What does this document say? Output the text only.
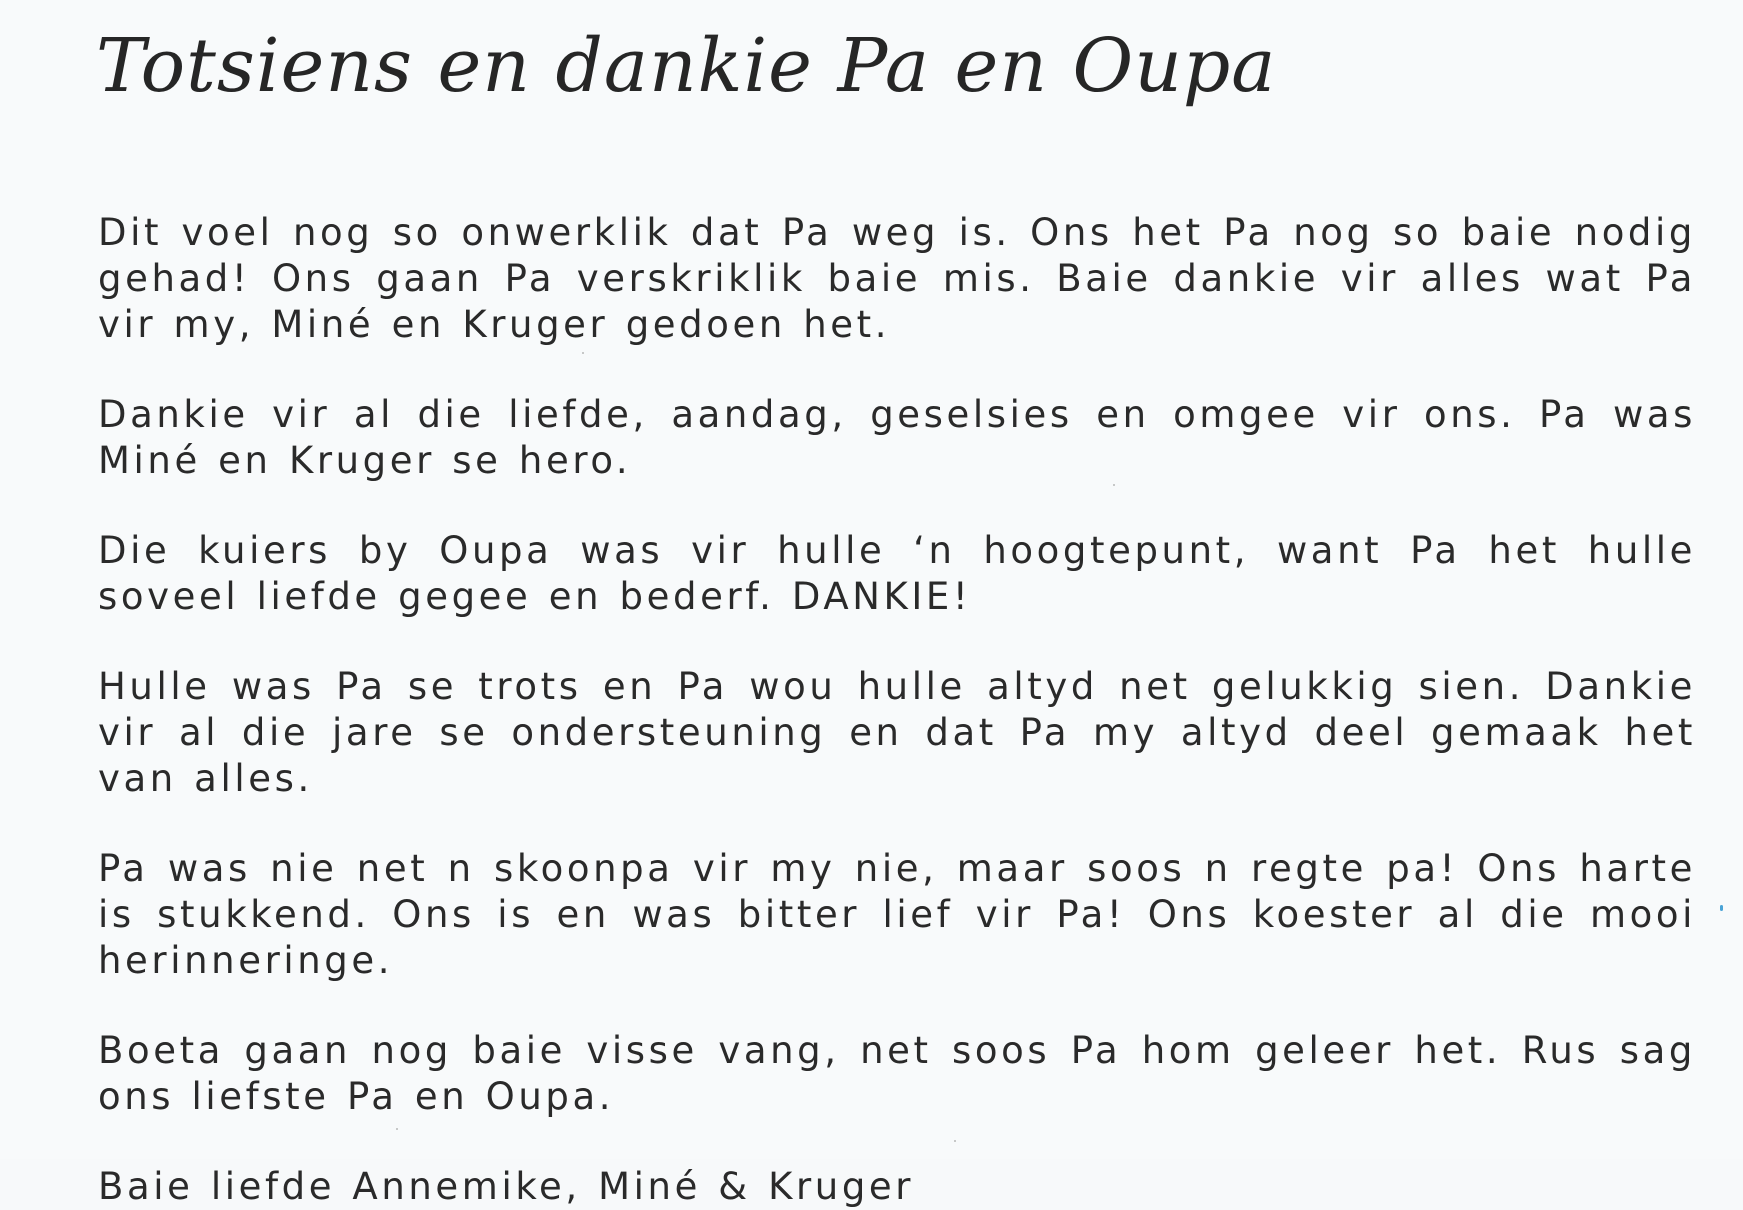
Totsiens en dankie Pa en Oupa

Dit voel nog so onwerklik dat Pa weg is. Ons het Pa nog so baie nodig gehad! Ons gaan Pa verskriklik baie mis. Baie dankie vir alles wat Pa vir my, Miné en Kruger gedoen het.

Dankie vir al die liefde, aandag, geselsies en omgee vir ons. Pa was Miné en Kruger se hero.

Die kuiers by Oupa was vir hulle ‘n hoogtepunt, want Pa het hulle soveel liefde gegee en bederf. DANKIE!

Hulle was Pa se trots en Pa wou hulle altyd net gelukkig sien. Dankie vir al die jare se ondersteuning en dat Pa my altyd deel gemaak het van alles.

Pa was nie net n skoonpa vir my nie, maar soos n regte pa! Ons harte is stukkend. Ons is en was bitter lief vir Pa! Ons koester al die mooi herinneringe.

Boeta gaan nog baie visse vang, net soos Pa hom geleer het. Rus sag ons liefste Pa en Oupa.

Baie liefde Annemike, Miné & Kruger
